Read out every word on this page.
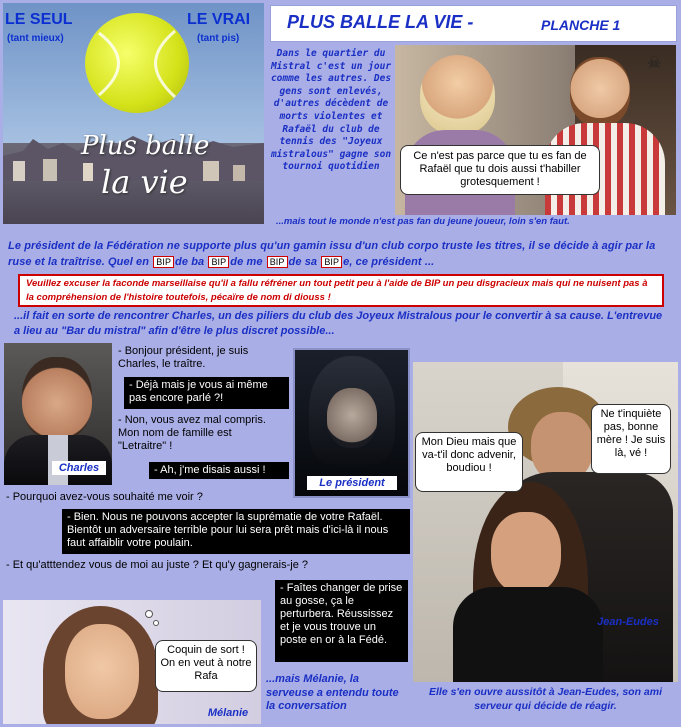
LE SEUL
(tant mieux)
LE VRAI
(tant pis)
Plus balle
la vie
PLUS BALLE LA VIE -	PLANCHE 1
Dans le quartier du Mistral c'est un jour comme les autres. Des gens sont enlevés, d'autres décèdent de morts violentes et Rafaël du club de tennis des "Joyeux mistralous" gagne son tournoi quotidien
☠
Ce n'est pas parce que tu es fan de Rafaël que tu dois aussi t'habiller grotesquement !
...mais tout le monde n'est pas fan du jeune joueur, loin s'en faut.
Le président de la Fédération ne supporte plus qu'un gamin issu d'un club corpo truste les titres, il se décide à agir par la ruse et la traîtrise. Quel en BIP de ba BIP de me BIP de sa BIP e, ce président ...
Veuillez excuser la faconde marseillaise qu'il a fallu réfréner un tout petit peu à l'aide de BIP un peu disgracieux mais qui ne nuisent pas à la compréhension de l'histoire toutefois, pécaïre de nom di diouss !
...il fait en sorte de rencontrer Charles, un des piliers du club des Joyeux Mistralous pour le convertir à sa cause. L'entrevue a lieu au "Bar du mistral" afin d'être le plus discret possible...
Charles
- Bonjour président, je suis Charles, le traître.
- Déjà mais je vous ai même pas encore parlé ?!
- Non, vous avez mal compris. Mon nom de famille est "Letraitre" !
- Ah, j'me disais aussi !
Le président
- Pourquoi avez-vous souhaité me voir ?
- Bien. Nous ne pouvons accepter la suprématie de votre Rafaël. Bientôt un adversaire terrible pour lui sera prêt mais d'ici-là il nous faut affaiblir votre poulain.
- Et qu'atttendez vous de moi au juste ? Et qu'y gagnerais-je ?
- Faîtes changer de prise au gosse, ça le perturbera. Réussissez et je vous trouve un poste en or à la Fédé.
Mon Dieu mais que va-t'il donc advenir, boudiou !
Ne t'inquiète pas, bonne mère ! Je suis là, vé !
Jean-Eudes
Coquin de sort ! On en veut à notre Rafa
Mélanie
...mais Mélanie, la serveuse a entendu toute la conversation
Elle s'en ouvre aussitôt à Jean-Eudes, son ami serveur qui décide de réagir.
